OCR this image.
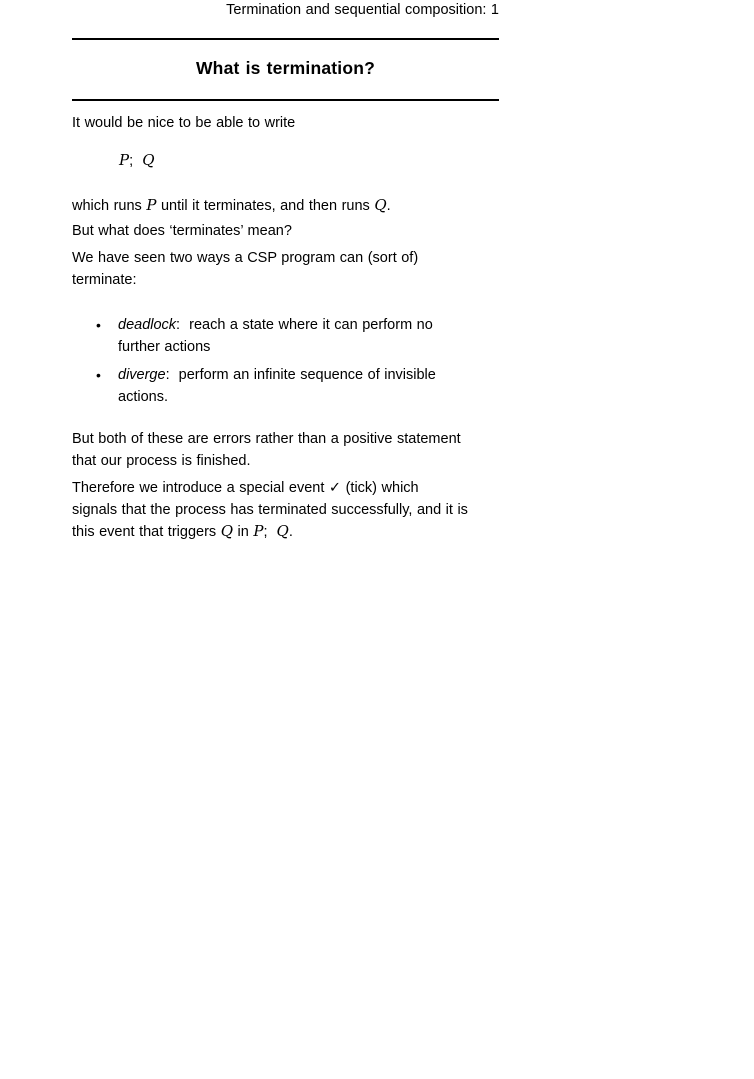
Termination and sequential composition: 1
What is termination?
It would be nice to be able to write
P;  Q
which runs P until it terminates, and then runs Q.
But what does ‘terminates’ mean?
We have seen two ways a CSP program can (sort of)
terminate:
• deadlock:  reach a state where it can perform no
further actions
• diverge:  perform an infinite sequence of invisible
actions.
But both of these are errors rather than a positive statement
that our process is finished.
Therefore we introduce a special event ✓ (tick) which
signals that the process has terminated successfully, and it is
this event that triggers Q in P;  Q.
